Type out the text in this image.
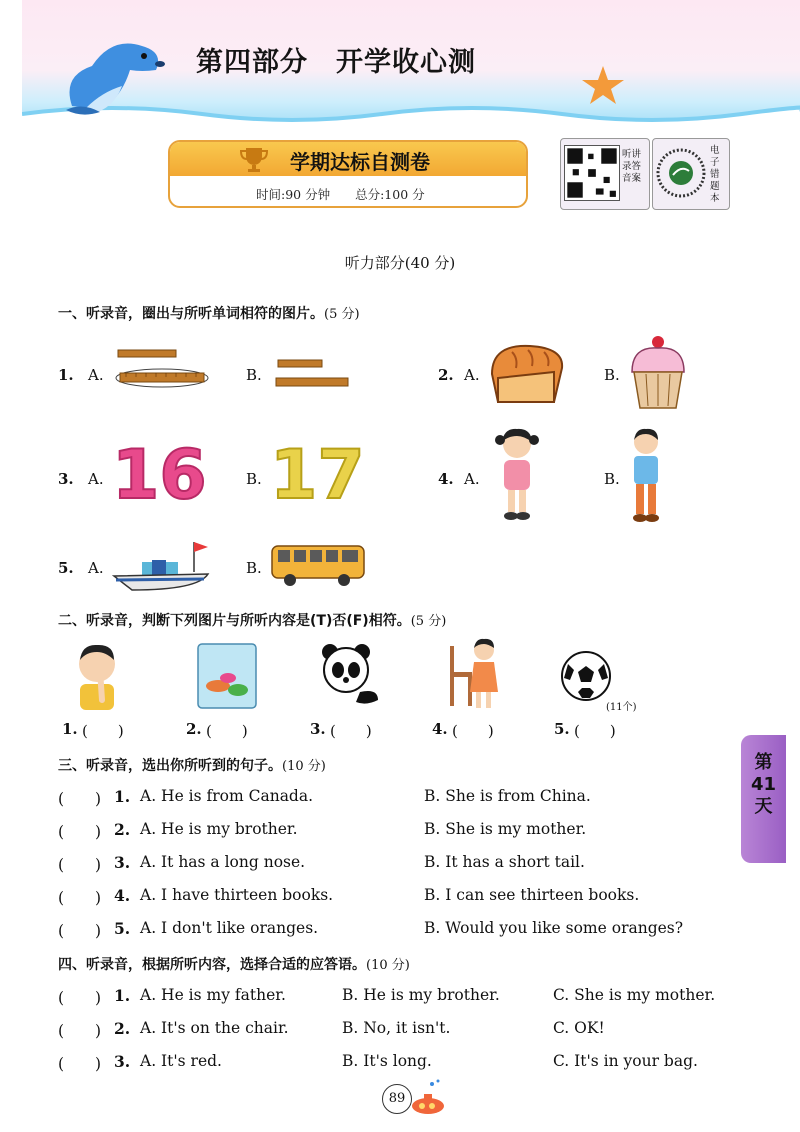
第四部分　开学收心测
学期达标自测卷
时间:90 分钟　　总分:100 分
听讲
录答
音案
电子
错题
本
听力部分(40 分)
一、听录音，圈出与所听单词相符的图片。(5 分)
1. A.	B.	2. A.	B.
3. A. 16	B. 17	4. A.	B.
5. A.	B.
二、听录音，判断下列图片与所听内容是(T)否(F)相符。(5 分)
(11个)
1. (　　)	2. (　　)	3. (　　)	4. (　　)	5. (　　)
三、听录音，选出你所听到的句子。(10 分)
(　　) 1. A. He is from Canada.	B. She is from China.
(　　) 2. A. He is my brother.	B. She is my mother.
(　　) 3. A. It has a long nose.	B. It has a short tail.
(　　) 4. A. I have thirteen books.	B. I can see thirteen books.
(　　) 5. A. I don't like oranges.	B. Would you like some oranges?
四、听录音，根据所听内容，选择合适的应答语。(10 分)
(　　) 1. A. He is my father.	B. He is my brother.	C. She is my mother.
(　　) 2. A. It's on the chair.	B. No, it isn't.	C. OK!
(　　) 3. A. It's red.	B. It's long.	C. It's in your bag.
第
41
天
89
